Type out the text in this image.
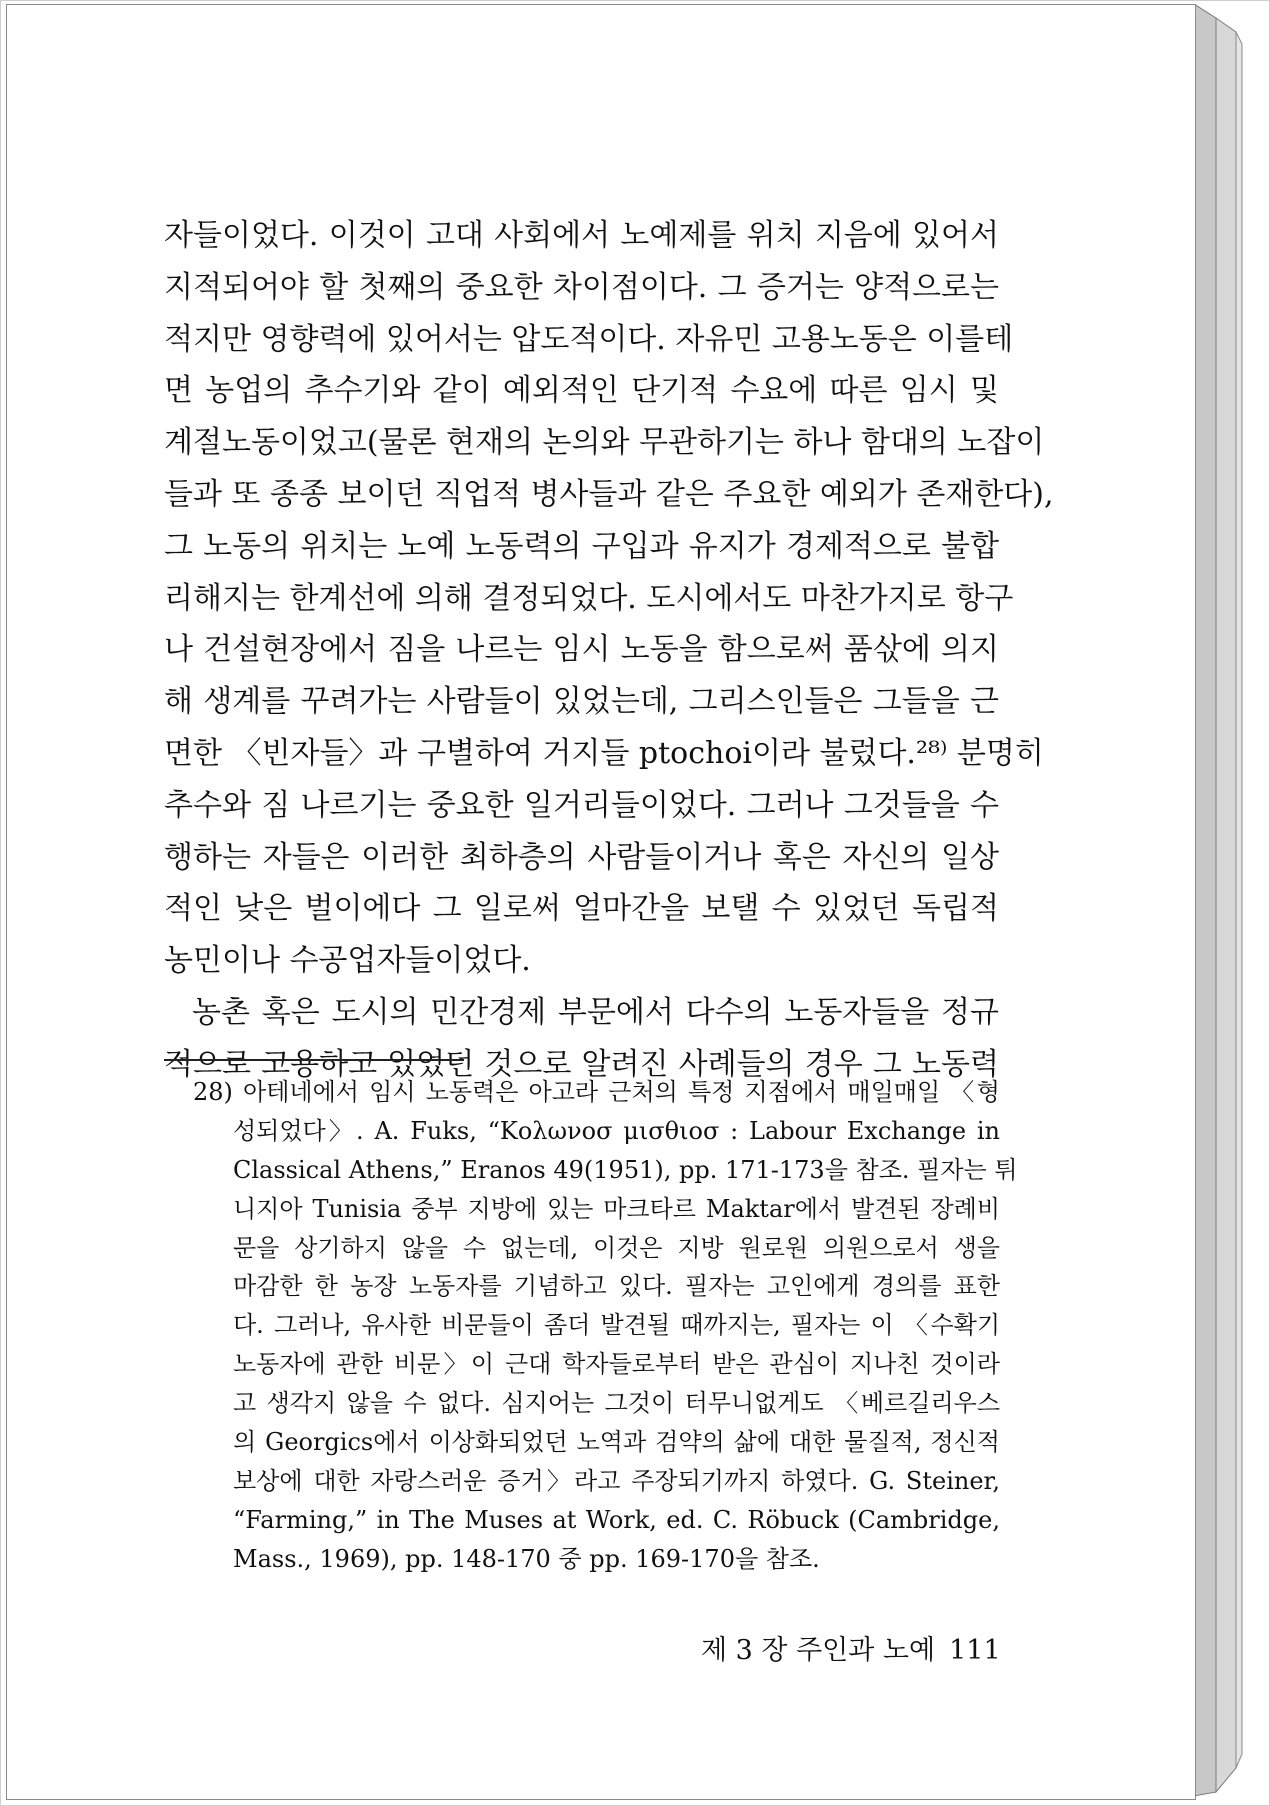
자들이었다. 이것이 고대 사회에서 노예제를 위치 지음에 있어서
지적되어야 할 첫째의 중요한 차이점이다. 그 증거는 양적으로는
적지만 영향력에 있어서는 압도적이다. 자유민 고용노동은 이를테
면 농업의 추수기와 같이 예외적인 단기적 수요에 따른 임시 및
계절노동이었고(물론 현재의 논의와 무관하기는 하나 함대의 노잡이
들과 또 종종 보이던 직업적 병사들과 같은 주요한 예외가 존재한다),
그 노동의 위치는 노예 노동력의 구입과 유지가 경제적으로 불합
리해지는 한계선에 의해 결정되었다. 도시에서도 마찬가지로 항구
나 건설현장에서 짐을 나르는 임시 노동을 함으로써 품삯에 의지
해 생계를 꾸려가는 사람들이 있었는데, 그리스인들은 그들을 근
면한 〈빈자들〉과 구별하여 거지들 ptochoi이라 불렀다.²⁸⁾ 분명히
추수와 짐 나르기는 중요한 일거리들이었다. 그러나 그것들을 수
행하는 자들은 이러한 최하층의 사람들이거나 혹은 자신의 일상
적인 낮은 벌이에다 그 일로써 얼마간을 보탤 수 있었던 독립적
농민이나 수공업자들이었다.
농촌 혹은 도시의 민간경제 부문에서 다수의 노동자들을 정규
적으로 고용하고 있었던 것으로 알려진 사례들의 경우 그 노동력
28) 아테네에서 임시 노동력은 아고라 근처의 특정 지점에서 매일매일 〈형
성되었다〉. A. Fuks, “Κολωνοσ μισθιοσ : Labour Exchange in
Classical Athens,” Eranos 49(1951), pp. 171-173을 참조. 필자는 튀
니지아 Tunisia 중부 지방에 있는 마크타르 Maktar에서 발견된 장례비
문을 상기하지 않을 수 없는데, 이것은 지방 원로원 의원으로서 생을
마감한 한 농장 노동자를 기념하고 있다. 필자는 고인에게 경의를 표한
다. 그러나, 유사한 비문들이 좀더 발견될 때까지는, 필자는 이 〈수확기
노동자에 관한 비문〉이 근대 학자들로부터 받은 관심이 지나친 것이라
고 생각지 않을 수 없다. 심지어는 그것이 터무니없게도 〈베르길리우스
의 Georgics에서 이상화되었던 노역과 검약의 삶에 대한 물질적, 정신적
보상에 대한 자랑스러운 증거〉라고 주장되기까지 하였다. G. Steiner,
“Farming,” in The Muses at Work, ed. C. Röbuck (Cambridge,
Mass., 1969), pp. 148-170 중 pp. 169-170을 참조.
제 3 장 주인과 노예 111
